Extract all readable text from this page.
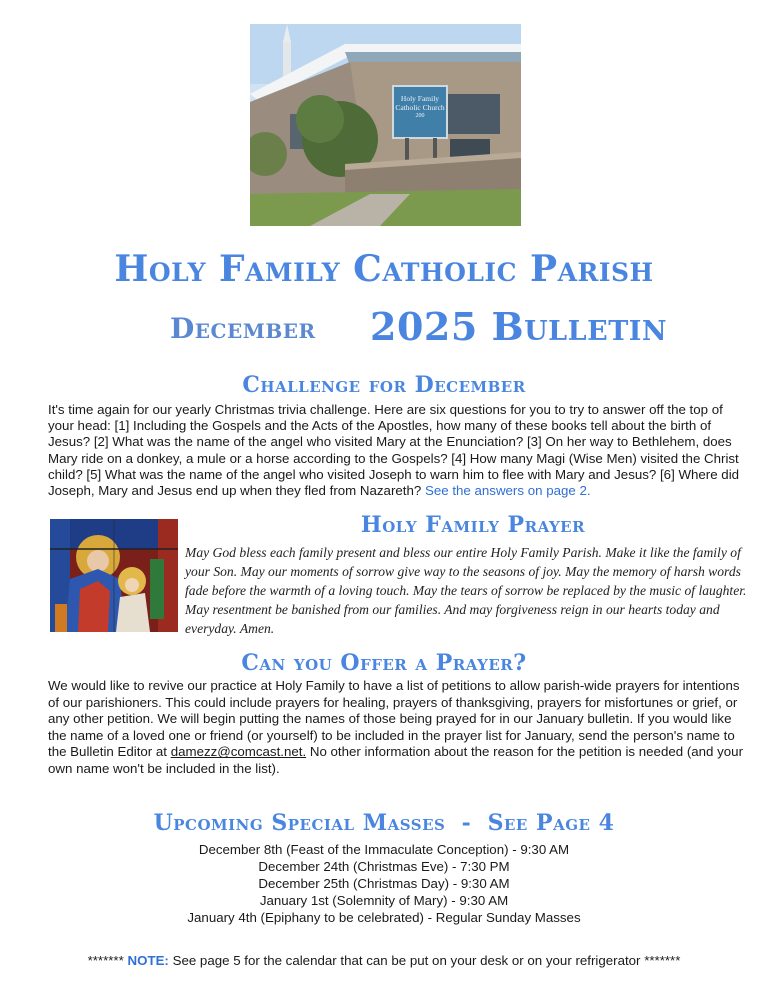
Holy Family
Catholic Church
200
Holy Family Catholic Parish
December 2025 Bulletin
Challenge for December
It's time again for our yearly Christmas trivia challenge. Here are six questions for you to try to answer off the top of your head: [1] Including the Gospels and the Acts of the Apostles, how many of these books tell about the birth of Jesus? [2] What was the name of the angel who visited Mary at the Enunciation? [3] On her way to Bethlehem, does Mary ride on a donkey, a mule or a horse according to the Gospels? [4] How many Magi (Wise Men) visited the Christ child? [5] What was the name of the angel who visited Joseph to warn him to flee with Mary and Jesus? [6] Where did Joseph, Mary and Jesus end up when they fled from Nazareth? See the answers on page 2.
Holy Family Prayer
May God bless each family present and bless our entire Holy Family Parish. Make it like the family of your Son. May our moments of sorrow give way to the seasons of joy. May the memory of harsh words fade before the warmth of a loving touch. May the tears of sorrow be replaced by the music of laughter. May resentment be banished from our families. And may forgiveness reign in our hearts today and everyday. Amen.
Can you Offer a Prayer?
We would like to revive our practice at Holy Family to have a list of petitions to allow parish-wide prayers for intentions of our parishioners. This could include prayers for healing, prayers of thanksgiving, prayers for misfortunes or grief, or any other petition. We will begin putting the names of those being prayed for in our January bulletin. If you would like the name of a loved one or friend (or yourself) to be included in the prayer list for January, send the person's name to the Bulletin Editor at damezz@comcast.net. No other information about the reason for the petition is needed (and your own name won't be included in the list).
Upcoming Special Masses  -  See Page 4
December 8th (Feast of the Immaculate Conception) - 9:30 AM
December 24th (Christmas Eve) - 7:30 PM
December 25th (Christmas Day) - 9:30 AM
January 1st (Solemnity of Mary) - 9:30 AM
January 4th (Epiphany to be celebrated) - Regular Sunday Masses
******* NOTE: See page 5 for the calendar that can be put on your desk or on your refrigerator *******
